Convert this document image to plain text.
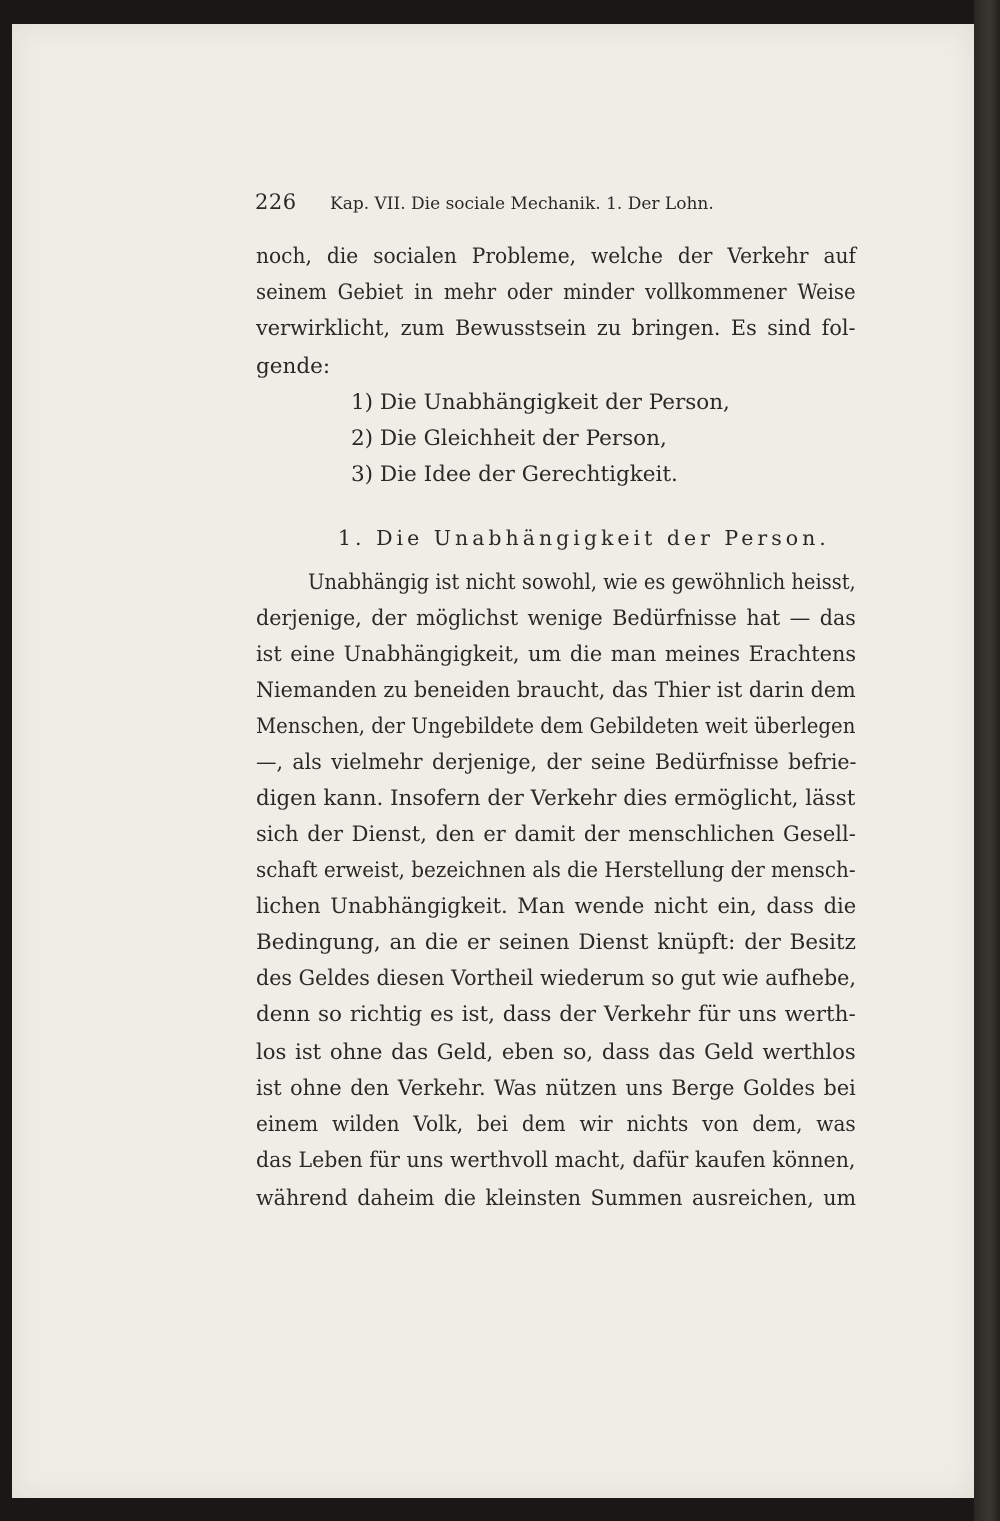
226 Kap. VII. Die sociale Mechanik. 1. Der Lohn.
noch, die socialen Probleme, welche der Verkehr auf
seinem Gebiet in mehr oder minder vollkommener Weise
verwirklicht, zum Bewusstsein zu bringen. Es sind fol-
gende:
1) Die Unabhängigkeit der Person,
2) Die Gleichheit der Person,
3) Die Idee der Gerechtigkeit.
1. Die Unabhängigkeit der Person.
Unabhängig ist nicht sowohl, wie es gewöhnlich heisst,
derjenige, der möglichst wenige Bedürfnisse hat — das
ist eine Unabhängigkeit, um die man meines Erachtens
Niemanden zu beneiden braucht, das Thier ist darin dem
Menschen, der Ungebildete dem Gebildeten weit überlegen
—, als vielmehr derjenige, der seine Bedürfnisse befrie-
digen kann. Insofern der Verkehr dies ermöglicht, lässt
sich der Dienst, den er damit der menschlichen Gesell-
schaft erweist, bezeichnen als die Herstellung der mensch-
lichen Unabhängigkeit. Man wende nicht ein, dass die
Bedingung, an die er seinen Dienst knüpft: der Besitz
des Geldes diesen Vortheil wiederum so gut wie aufhebe,
denn so richtig es ist, dass der Verkehr für uns werth-
los ist ohne das Geld, eben so, dass das Geld werthlos
ist ohne den Verkehr. Was nützen uns Berge Goldes bei
einem wilden Volk, bei dem wir nichts von dem, was
das Leben für uns werthvoll macht, dafür kaufen können,
während daheim die kleinsten Summen ausreichen, um
